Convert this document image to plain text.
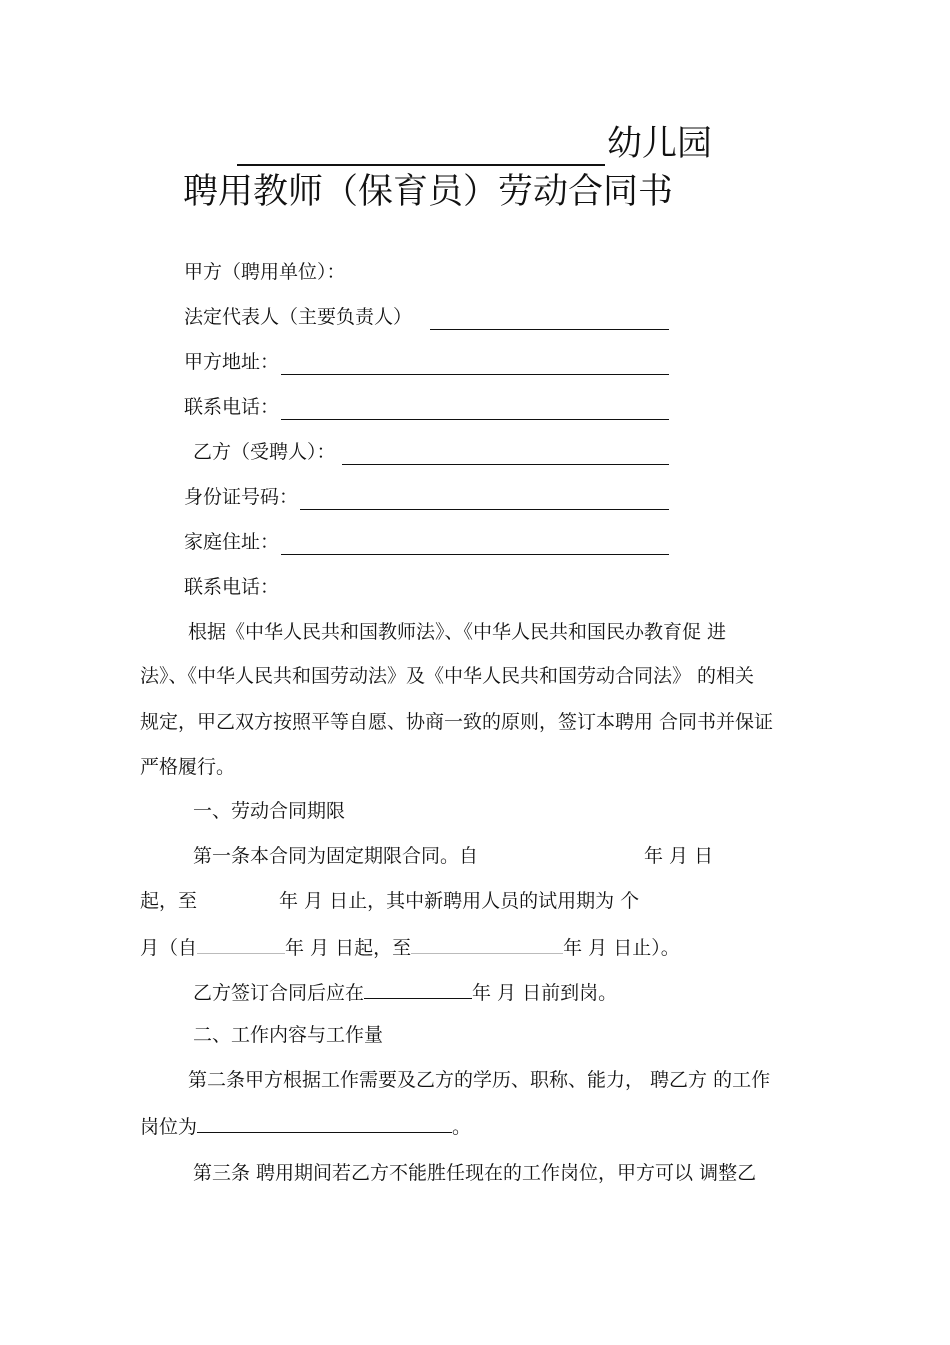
幼儿园
聘用教师（保育员）劳动合同书
甲方（聘用单位）：
法定代表人（主要负责人）
甲方地址：
联系电话：
乙方（受聘人）：
身份证号码：
家庭住址：
联系电话：
根据《中华人民共和国教师法》、《中华人民共和国民办教育促 进
法》、《中华人民共和国劳动法》及《中华人民共和国劳动合同法》 的相关
规定，甲乙双方按照平等自愿、协商一致的原则，签订本聘用 合同书并保证
严格履行。
一、劳动合同期限
第一条本合同为固定期限合同。自	年 月 日
起，至	年 月 日止，其中新聘用人员的试用期为 个
月（自	年 月 日起，至	年 月 日止）。
乙方签订合同后应在	年 月 日前到岗。
二、工作内容与工作量
第二条甲方根据工作需要及乙方的学历、职称、能力， 聘乙方 的工作
岗位为	。
第三条 聘用期间若乙方不能胜任现在的工作岗位，甲方可以 调整乙
